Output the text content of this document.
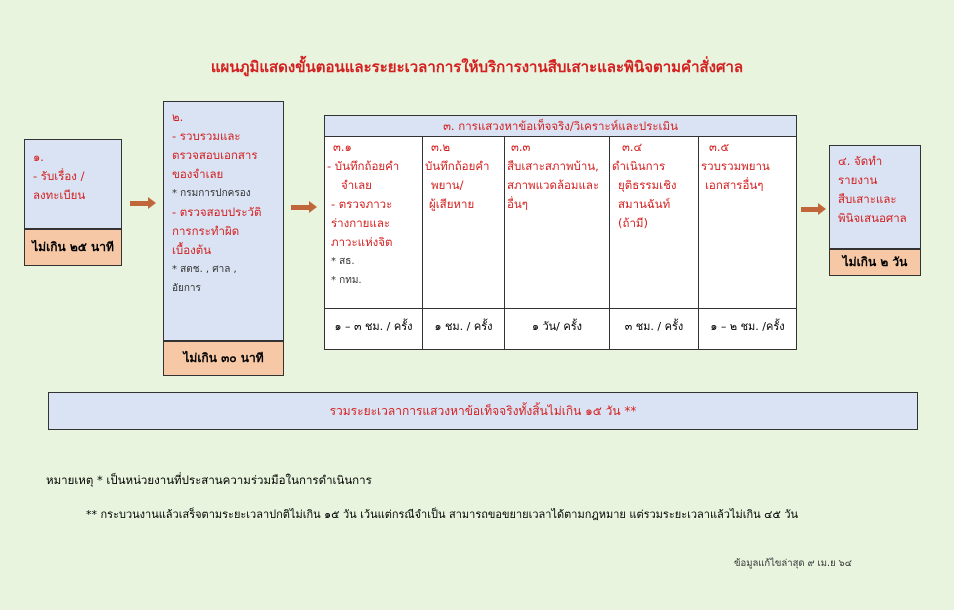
แผนภูมิแสดงขั้นตอนและระยะเวลาการให้บริการงานสืบเสาะและพินิจตามคำสั่งศาล
๑.
- รับเรื่อง /
ลงทะเบียน
ไม่เกิน ๒๕ นาที
๒.
- รวบรวมและ
ตรวจสอบเอกสาร
ของจำเลย
* กรมการปกครอง
- ตรวจสอบประวัติ
การกระทำผิด
เบื้องต้น
* สตช. , ศาล ,
อัยการ
ไม่เกิน ๓๐ นาที
๓. การแสวงหาข้อเท็จจริง/วิเคราะห์และประเมิน
๓.๑
- บันทึกถ้อยคำ
จำเลย
- ตรวจภาวะ
ร่างกายและ
ภาวะแห่งจิต
* สธ.
* กทม.
๑ – ๓ ชม. / ครั้ง
๓.๒
บันทึกถ้อยคำ
พยาน/
ผู้เสียหาย
๑ ชม. / ครั้ง
๓.๓
สืบเสาะสภาพบ้าน,
สภาพแวดล้อมและ
อื่นๆ
๑ วัน/ ครั้ง
๓.๔
ดำเนินการ
ยุติธรรมเชิง
สมานฉันท์
(ถ้ามี)
๓ ชม. / ครั้ง
๓.๕
รวบรวมพยาน
เอกสารอื่นๆ
๑ – ๒ ชม. /ครั้ง
๔. จัดทำ
รายงาน
สืบเสาะและ
พินิจเสนอศาล
ไม่เกิน ๒ วัน
รวมระยะเวลาการแสวงหาข้อเท็จจริงทั้งสิ้นไม่เกิน ๑๕ วัน **
หมายเหตุ * เป็นหน่วยงานที่ประสานความร่วมมือในการดำเนินการ
** กระบวนงานแล้วเสร็จตามระยะเวลาปกติไม่เกิน ๑๕ วัน เว้นแต่กรณีจำเป็น สามารถขอขยายเวลาได้ตามกฎหมาย แต่รวมระยะเวลาแล้วไม่เกิน ๔๕ วัน
ข้อมูลแก้ไขล่าสุด ๙ เม.ย ๖๔
